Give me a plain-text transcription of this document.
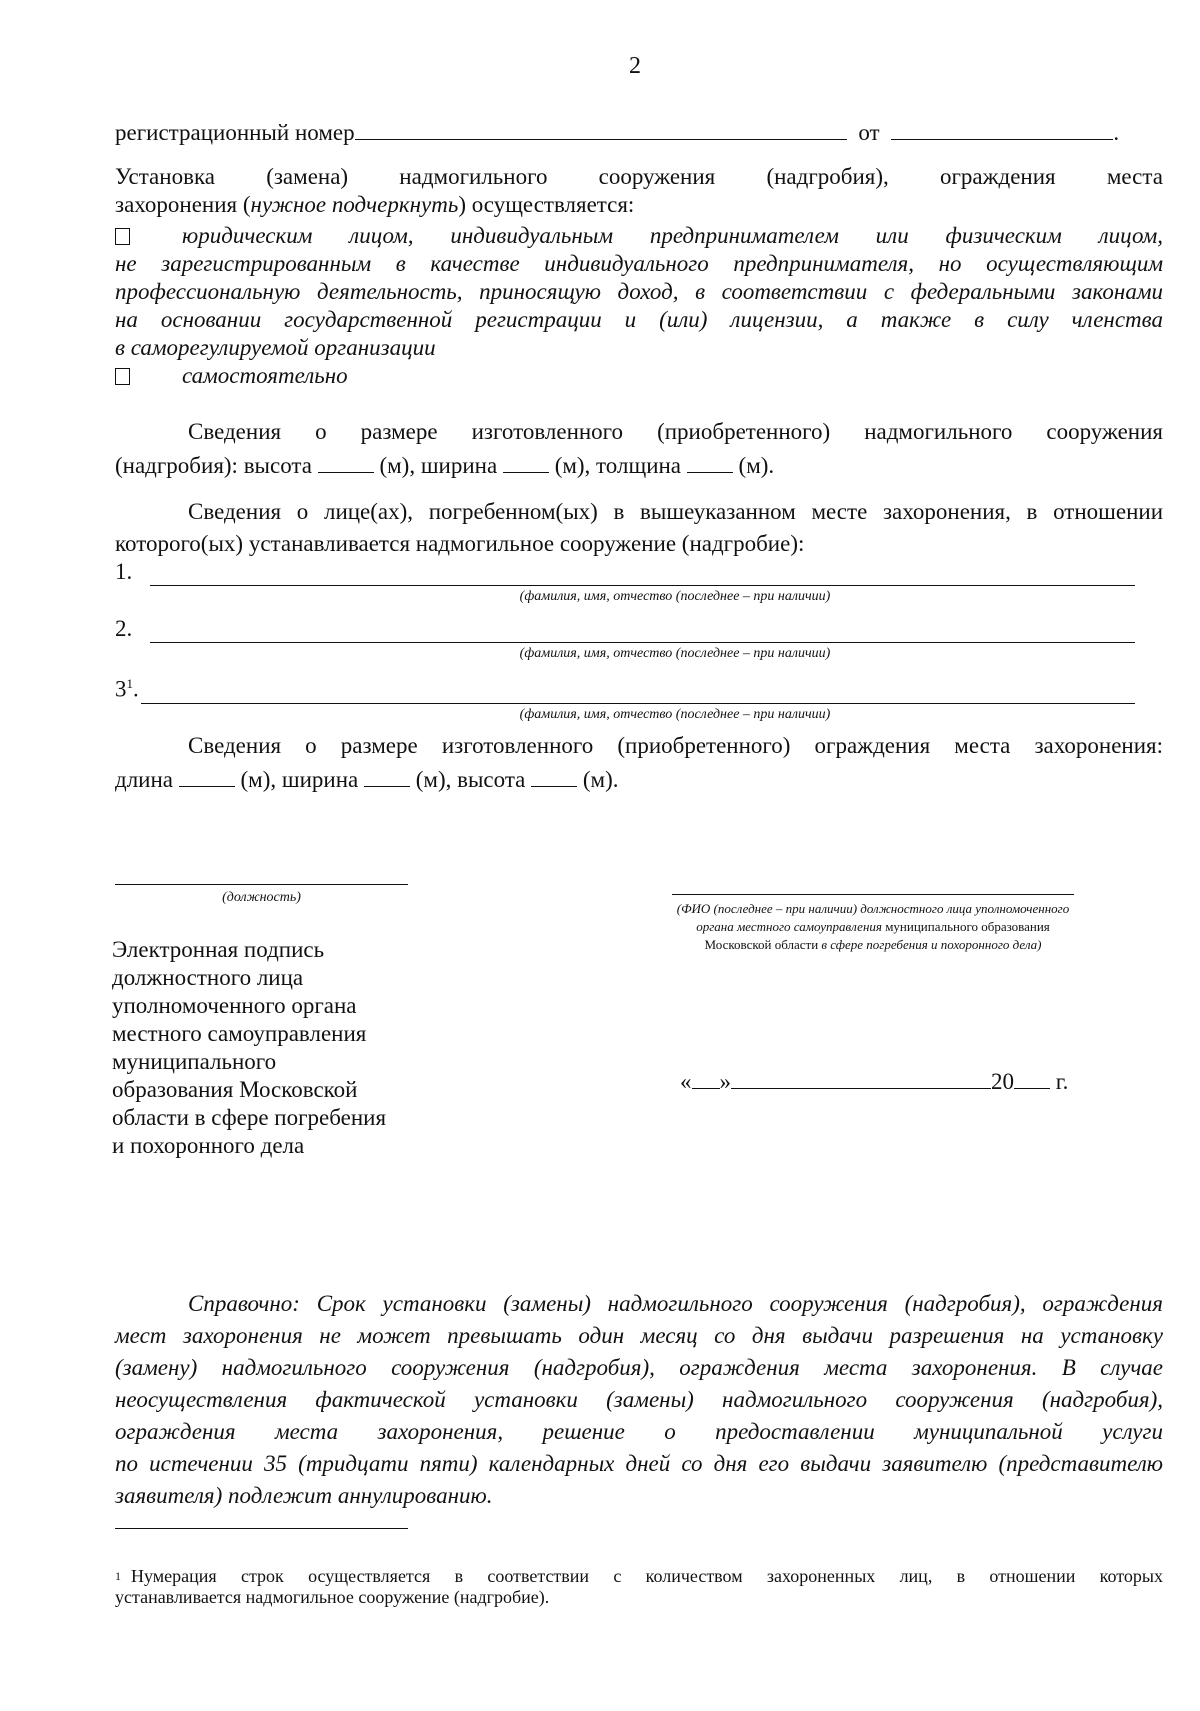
2
регистрационный номер	от	.
Установка (замена) надмогильного сооружения (надгробия), ограждения места
захоронения (нужное подчеркнуть) осуществляется:
юридическим лицом, индивидуальным предпринимателем или физическим лицом,
не зарегистрированным в качестве индивидуального предпринимателя, но осуществляющим
профессиональную деятельность, приносящую доход, в соответствии с федеральными законами
на основании государственной регистрации и (или) лицензии, а также в силу членства
в саморегулируемой организации
самостоятельно
Сведения о размере изготовленного (приобретенного) надмогильного сооружения
(надгробия): высота	(м), ширина	(м), толщина	(м).
Сведения о лице(ах), погребенном(ых) в вышеуказанном месте захоронения, в отношении
которого(ых) устанавливается надмогильное сооружение (надгробие):
1.
(фамилия, имя, отчество (последнее – при наличии)
2.
(фамилия, имя, отчество (последнее – при наличии)
$3^1$.
(фамилия, имя, отчество (последнее – при наличии)
Сведения о размере изготовленного (приобретенного) ограждения места захоронения:
длина	(м), ширина	(м), высота	(м).
(должность)
(ФИО (последнее – при наличии) должностного лица уполномоченного органа местного самоуправления муниципального образования Московской области в сфере погребения и похоронного дела)
Электронная подпись
должностного лица
уполномоченного органа
местного самоуправления
муниципального
образования Московской
области в сфере погребения
и похоронного дела
« »	20 г.
Справочно: Срок установки (замены) надмогильного сооружения (надгробия), ограждения
мест захоронения не может превышать один месяц со дня выдачи разрешения на установку
(замену) надмогильного сооружения (надгробия), ограждения места захоронения. В случае
неосуществления фактической установки (замены) надмогильного сооружения (надгробия),
ограждения места захоронения, решение о предоставлении муниципальной услуги
по истечении 35 (тридцати пяти) календарных дней со дня его выдачи заявителю (представителю
заявителя) подлежит аннулированию.
1 Нумерация строк осуществляется в соответствии с количеством захороненных лиц, в отношении которых
устанавливается надмогильное сооружение (надгробие).
